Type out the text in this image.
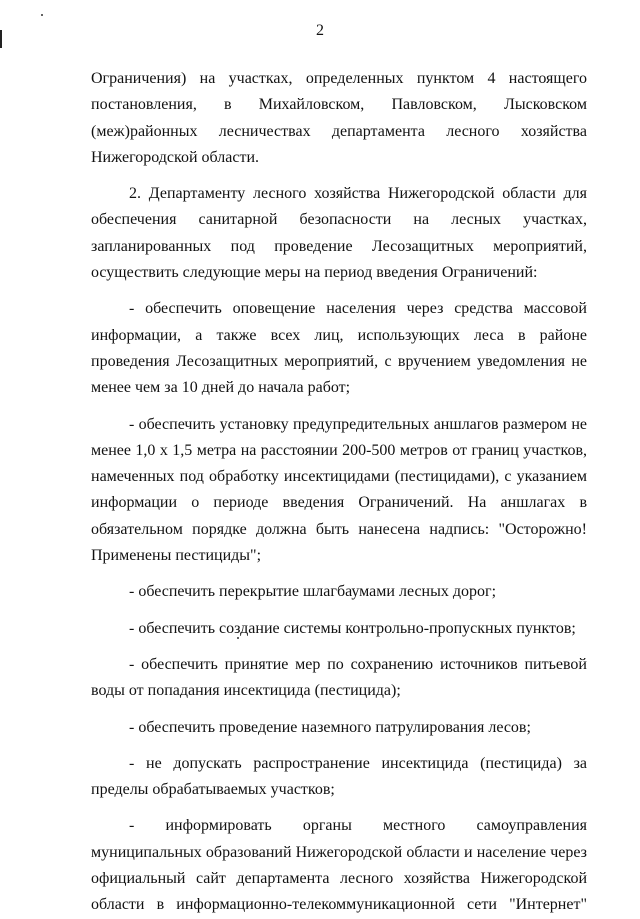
2

Ограничения) на участках, определенных пунктом 4 настоящего постановления, в Михайловском, Павловском, Лысковском (меж)районных лесничествах департамента лесного хозяйства Нижегородской области.

2. Департаменту лесного хозяйства Нижегородской области для обеспечения санитарной безопасности на лесных участках, запланированных под проведение Лесозащитных мероприятий, осуществить следующие меры на период введения Ограничений:

- обеспечить оповещение населения через средства массовой информации, а также всех лиц, использующих леса в районе проведения Лесозащитных мероприятий, с вручением уведомления не менее чем за 10 дней до начала работ;

- обеспечить установку предупредительных аншлагов размером не менее 1,0 х 1,5 метра на расстоянии 200-500 метров от границ участков, намеченных под обработку инсектицидами (пестицидами), с указанием информации о периоде введения Ограничений. На аншлагах в обязательном порядке должна быть нанесена надпись: "Осторожно! Применены пестициды";

- обеспечить перекрытие шлагбаумами лесных дорог;

- обеспечить создание системы контрольно-пропускных пунктов;

- обеспечить принятие мер по сохранению источников питьевой воды от попадания инсектицида (пестицида);

- обеспечить проведение наземного патрулирования лесов;

- не допускать распространение инсектицида (пестицида) за пределы обрабатываемых участков;

- информировать органы местного самоуправления муниципальных образований Нижегородской области и население через официальный сайт департамента лесного хозяйства Нижегородской области в информационно-телекоммуникационной сети "Интернет"
